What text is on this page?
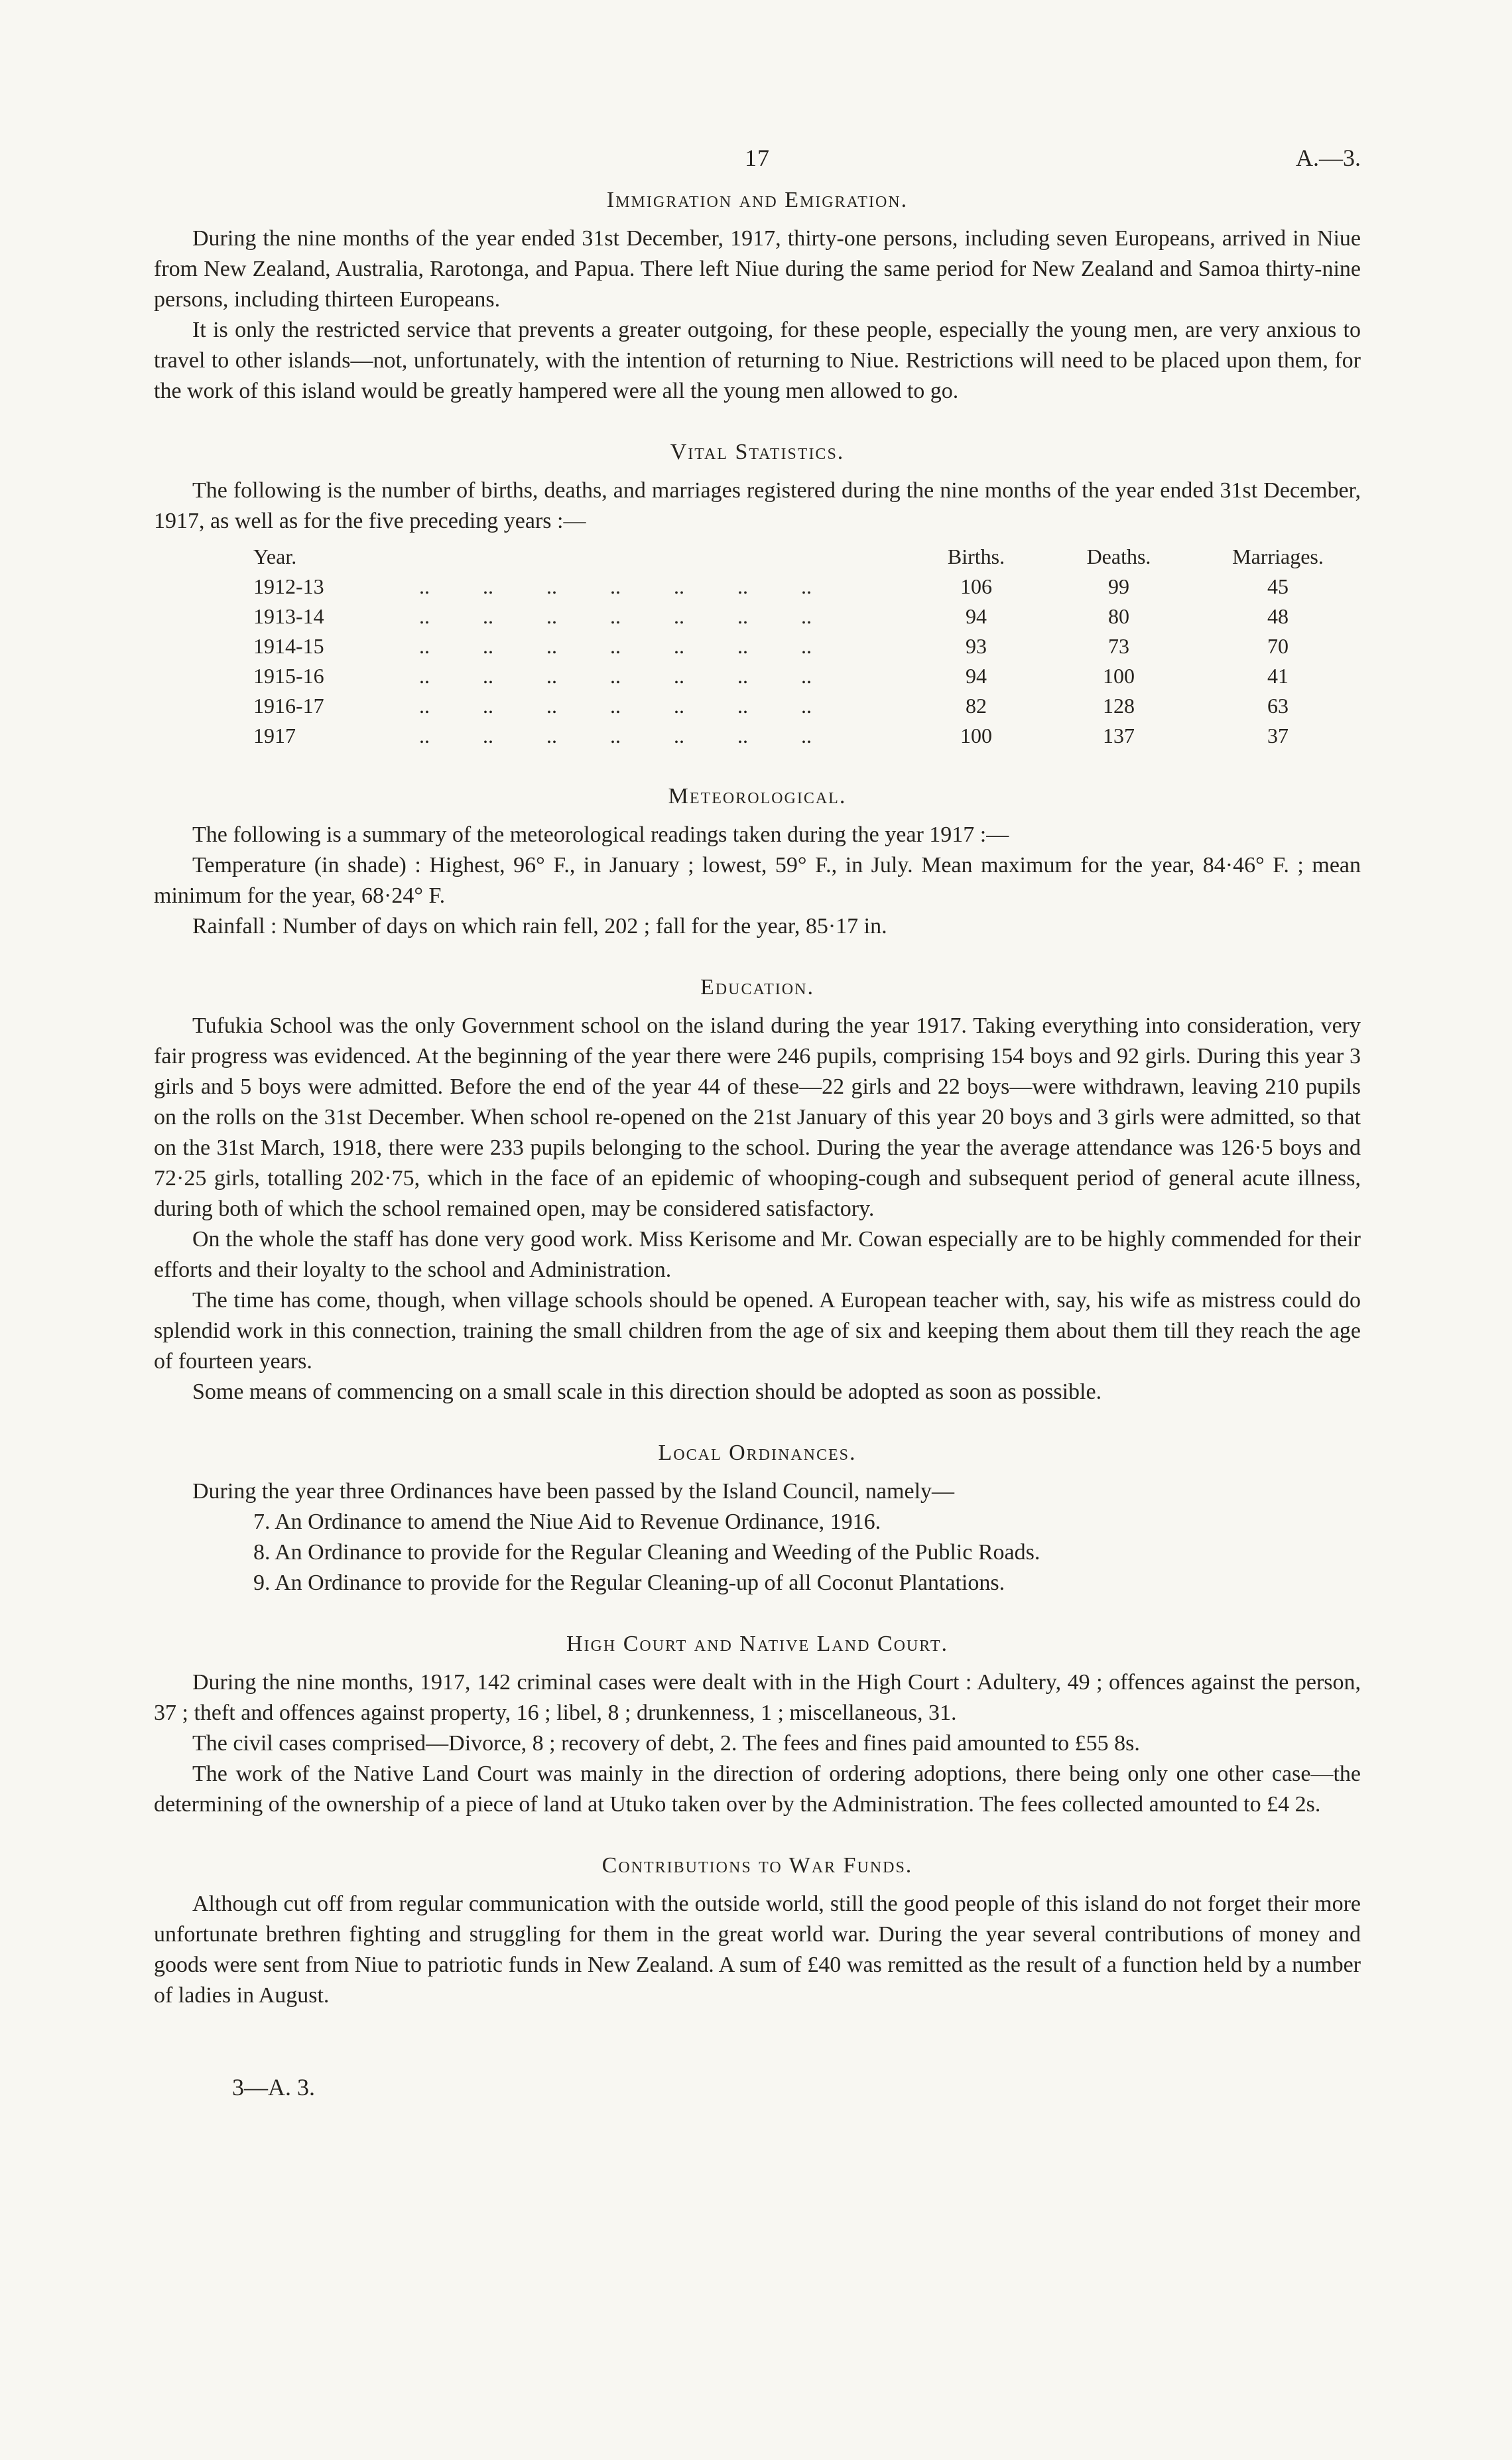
17	A.—3.
Immigration and Emigration.

During the nine months of the year ended 31st December, 1917, thirty-one persons, including seven Europeans, arrived in Niue from New Zealand, Australia, Rarotonga, and Papua. There left Niue during the same period for New Zealand and Samoa thirty-nine persons, including thirteen Europeans.

It is only the restricted service that prevents a greater outgoing, for these people, especially the young men, are very anxious to travel to other islands—not, unfortunately, with the intention of returning to Niue. Restrictions will need to be placed upon them, for the work of this island would be greatly hampered were all the young men allowed to go.

Vital Statistics.

The following is the number of births, deaths, and marriages registered during the nine months of the year ended 31st December, 1917, as well as for the five preceding years :—

Year.		Births.	Deaths.	Marriages.
1912-13	..          ..          ..          ..          ..          ..          ..	106	99	45
1913-14	..          ..          ..          ..          ..          ..          ..	94	80	48
1914-15	..          ..          ..          ..          ..          ..          ..	93	73	70
1915-16	..          ..          ..          ..          ..          ..          ..	94	100	41
1916-17	..          ..          ..          ..          ..          ..          ..	82	128	63
1917	..          ..          ..          ..          ..          ..          ..	100	137	37
Meteorological.

The following is a summary of the meteorological readings taken during the year 1917 :—

Temperature (in shade) : Highest, 96° F., in January ; lowest, 59° F., in July. Mean maximum for the year, 84·46° F. ; mean minimum for the year, 68·24° F.

Rainfall : Number of days on which rain fell, 202 ; fall for the year, 85·17 in.

Education.

Tufukia School was the only Government school on the island during the year 1917. Taking everything into consideration, very fair progress was evidenced. At the beginning of the year there were 246 pupils, comprising 154 boys and 92 girls. During this year 3 girls and 5 boys were admitted. Before the end of the year 44 of these—22 girls and 22 boys—were withdrawn, leaving 210 pupils on the rolls on the 31st December. When school re-opened on the 21st January of this year 20 boys and 3 girls were admitted, so that on the 31st March, 1918, there were 233 pupils belonging to the school. During the year the average attendance was 126·5 boys and 72·25 girls, totalling 202·75, which in the face of an epidemic of whooping-cough and subsequent period of general acute illness, during both of which the school remained open, may be considered satisfactory.

On the whole the staff has done very good work. Miss Kerisome and Mr. Cowan especially are to be highly commended for their efforts and their loyalty to the school and Administration.

The time has come, though, when village schools should be opened. A European teacher with, say, his wife as mistress could do splendid work in this connection, training the small children from the age of six and keeping them about them till they reach the age of fourteen years.

Some means of commencing on a small scale in this direction should be adopted as soon as possible.

Local Ordinances.

During the year three Ordinances have been passed by the Island Council, namely—

7. An Ordinance to amend the Niue Aid to Revenue Ordinance, 1916.
8. An Ordinance to provide for the Regular Cleaning and Weeding of the Public Roads.
9. An Ordinance to provide for the Regular Cleaning-up of all Coconut Plantations.
High Court and Native Land Court.

During the nine months, 1917, 142 criminal cases were dealt with in the High Court : Adultery, 49 ; offences against the person, 37 ; theft and offences against property, 16 ; libel, 8 ; drunkenness, 1 ; miscellaneous, 31.

The civil cases comprised—Divorce, 8 ; recovery of debt, 2. The fees and fines paid amounted to £55 8s.

The work of the Native Land Court was mainly in the direction of ordering adoptions, there being only one other case—the determining of the ownership of a piece of land at Utuko taken over by the Administration. The fees collected amounted to £4 2s.

Contributions to War Funds.

Although cut off from regular communication with the outside world, still the good people of this island do not forget their more unfortunate brethren fighting and struggling for them in the great world war. During the year several contributions of money and goods were sent from Niue to patriotic funds in New Zealand. A sum of £40 was remitted as the result of a function held by a number of ladies in August.

3—A. 3.
